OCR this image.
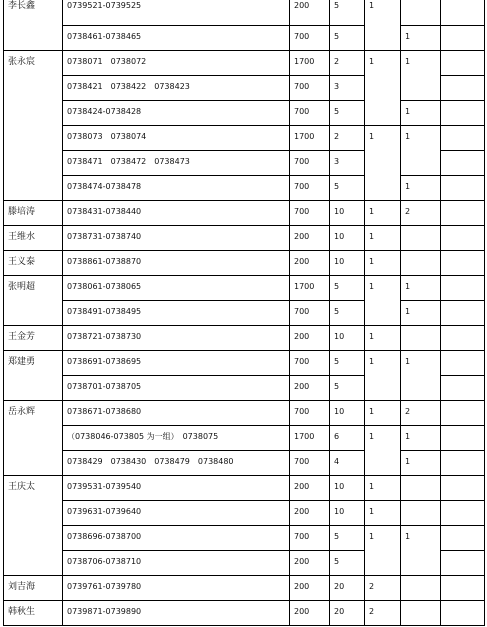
李长鑫	0739521-0739525	200	5	1		
	0738461-0738465	700	5		1	
张永宸	0738071　0738072	1700	2	1	1	
	0738421　0738422　0738423	700	3			
	0738424-0738428	700	5		1	
	0738073　0738074	1700	2	1	1	
	0738471　0738472　0738473	700	3			
	0738474-0738478	700	5		1	
滕培涛	0738431-0738440	700	10	1	2	
王维水	0738731-0738740	200	10	1		
王义泰	0738861-0738870	200	10	1		
张明超	0738061-0738065	1700	5	1	1	
	0738491-0738495	700	5		1	
王金芳	0738721-0738730	200	10	1		
郑建勇	0738691-0738695	700	5	1	1	
	0738701-0738705	200	5			
岳永辉	0738671-0738680	700	10	1	2	
	（0738046-073805 为一组）　0738075	1700	6	1	1	
	0738429　0738430　0738479　0738480	700	4		1	
王庆太	0739531-0739540	200	10	1		
	0739631-0739640	200	10	1		
	0738696-0738700	700	5	1	1	
	0738706-0738710	200	5			
刘吉海	0739761-0739780	200	20	2		
韩秋生	0739871-0739890	200	20	2		
